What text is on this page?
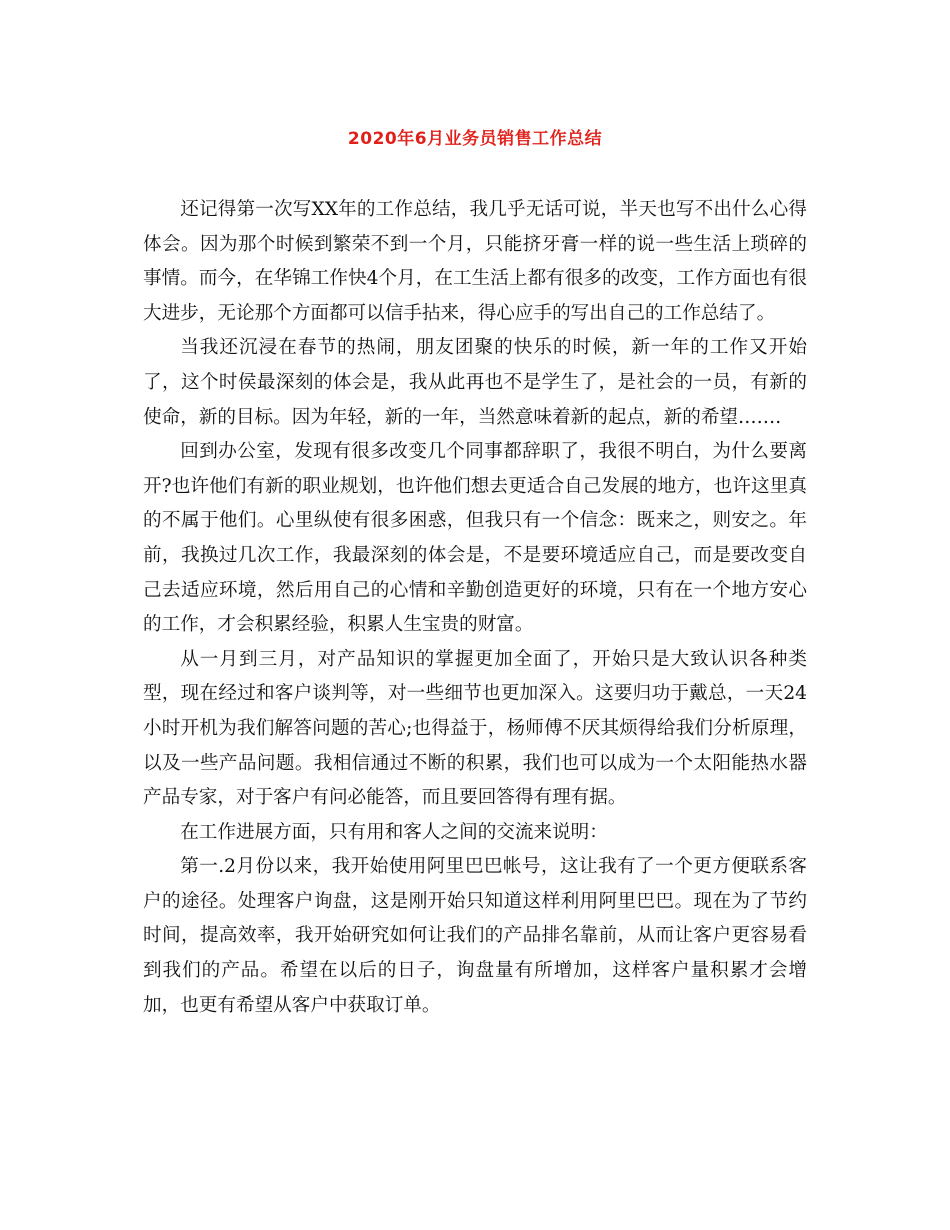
2020年6月业务员销售工作总结

还记得第一次写XX年的工作总结，我几乎无话可说，半天也写不出什么心得体会。因为那个时候到繁荣不到一个月，只能挤牙膏一样的说一些生活上琐碎的事情。而今，在华锦工作快4个月，在工生活上都有很多的改变，工作方面也有很大进步，无论那个方面都可以信手拈来，得心应手的写出自己的工作总结了。

当我还沉浸在春节的热闹，朋友团聚的快乐的时候，新一年的工作又开始了，这个时侯最深刻的体会是，我从此再也不是学生了，是社会的一员，有新的使命，新的目标。因为年轻，新的一年，当然意味着新的起点，新的希望…….

回到办公室，发现有很多改变几个同事都辞职了，我很不明白，为什么要离开?也许他们有新的职业规划，也许他们想去更适合自己发展的地方，也许这里真的不属于他们。心里纵使有很多困惑，但我只有一个信念：既来之，则安之。年前，我换过几次工作，我最深刻的体会是，不是要环境适应自己，而是要改变自己去适应环境，然后用自己的心情和辛勤创造更好的环境，只有在一个地方安心的工作，才会积累经验，积累人生宝贵的财富。

从一月到三月，对产品知识的掌握更加全面了，开始只是大致认识各种类型，现在经过和客户谈判等，对一些细节也更加深入。这要归功于戴总，一天24小时开机为我们解答问题的苦心;也得益于，杨师傅不厌其烦得给我们分析原理，以及一些产品问题。我相信通过不断的积累，我们也可以成为一个太阳能热水器产品专家，对于客户有问必能答，而且要回答得有理有据。

在工作进展方面，只有用和客人之间的交流来说明：

第一.2月份以来，我开始使用阿里巴巴帐号，这让我有了一个更方便联系客户的途径。处理客户询盘，这是刚开始只知道这样利用阿里巴巴。现在为了节约时间，提高效率，我开始研究如何让我们的产品排名靠前，从而让客户更容易看到我们的产品。希望在以后的日子，询盘量有所增加，这样客户量积累才会增加，也更有希望从客户中获取订单。
